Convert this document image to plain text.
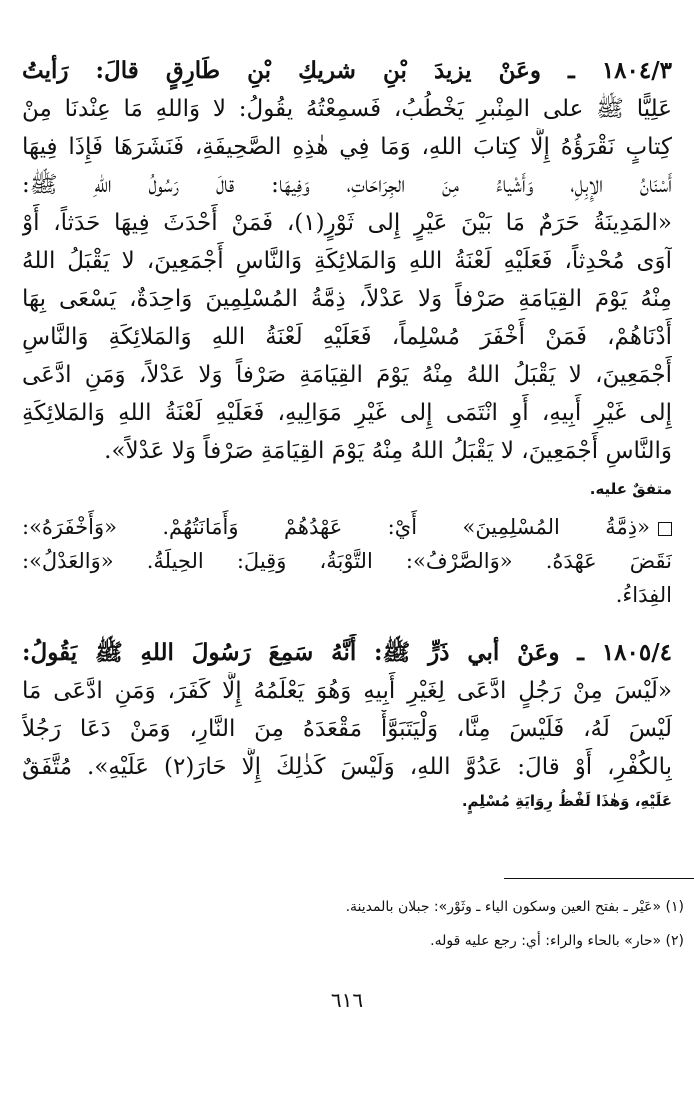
١٨٠٤/٣ ـ وعَنْ يزيدَ بْنِ شريكِ بْنِ طَارِقٍ قالَ: رَأيتُ
عَلِيًّا ﷺ على المِنْبرِ يَخْطُبُ، فَسمِعْتُهُ يقُولُ: لا وَاللهِ مَا عِنْدنَا مِنْ
كِتابٍ نَقْرَؤُهُ إِلَّا كِتابَ اللهِ، وَمَا فِي هٰذِهِ الصَّحِيفَةِ، فَنَشَرَهَا فَإِذَا فِيهَا
أَسْنَانُ الإِبِلِ، وَأَشْياءُ مِنَ الجِرَاحَاتِ، وَفِيهَا: قالَ رَسُولُ اللهِ ﷺ:
«المَدِينَةُ حَرَمٌ مَا بَيْنَ عَيْرٍ إِلى ثَوْرٍ(١)، فَمَنْ أَحْدَثَ فِيهَا حَدَثاً، أَوْ
آوَى مُحْدِثاً، فَعَلَيْهِ لَعْنَةُ اللهِ وَالمَلائِكَةِ وَالنَّاسِ أَجْمَعِينَ، لا يَقْبَلُ اللهُ
مِنْهُ يَوْمَ القِيَامَةِ صَرْفاً وَلا عَدْلاً، ذِمَّةُ المُسْلِمِينَ وَاحِدَةٌ، يَسْعَى بِهَا
أَدْنَاهُمْ، فَمَنْ أَخْفَرَ مُسْلِماً، فَعَلَيْهِ لَعْنَةُ اللهِ وَالمَلائِكَةِ وَالنَّاسِ
أَجْمَعِينَ، لا يَقْبَلُ اللهُ مِنْهُ يَوْمَ القِيَامَةِ صَرْفاً وَلا عَدْلاً، وَمَنِ ادَّعَى
إِلى غَيْرِ أَبِيهِ، أَوِ انْتَمَى إِلى غَيْرِ مَوَالِيهِ، فَعَلَيْهِ لَعْنَةُ اللهِ وَالمَلائِكَةِ
وَالنَّاسِ أَجْمَعِينَ، لا يَقْبَلُ اللهُ مِنْهُ يَوْمَ القِيَامَةِ صَرْفاً وَلا عَدْلاً».
متفقٌ عليه.
«ذِمَّةُ المُسْلِمِينَ» أَيْ: عَهْدُهُمْ وَأَمَانَتُهُمْ. «وَأَخْفَرَهُ»:
نَقَضَ عَهْدَهُ. «وَالصَّرْفُ»: التَّوْبَةُ، وَقِيلَ: الحِيلَةُ. «وَالعَدْلُ»:
الفِدَاءُ.
١٨٠٥/٤ ـ وعَنْ أبي ذَرٍّ ﷺ: أَنَّهُ سَمِعَ رَسُولَ اللهِ ﷺ يَقُولُ:
«لَيْسَ مِنْ رَجُلٍ ادَّعَى لِغَيْرِ أَبِيهِ وَهُوَ يَعْلَمُهُ إِلَّا كَفَرَ، وَمَنِ ادَّعَى مَا
لَيْسَ لَهُ، فَلَيْسَ مِنَّا، وَلْيَتَبَوَّأْ مَقْعَدَهُ مِنَ النَّارِ، وَمَنْ دَعَا رَجُلاً
بِالكُفْرِ، أَوْ قالَ: عَدُوَّ اللهِ، وَلَيْسَ كَذٰلِكَ إِلَّا حَارَ(٢) عَلَيْهِ». مُتَّفَقٌ
عَلَيْهِ، وَهٰذَا لَفْظُ رِوَايَةِ مُسْلِمٍ.
(١) «عَيْر ـ بفتح العين وسكون الياء ـ وثَوْر»: جبلان بالمدينة.
(٢) «حار» بالحاء والراء: أي: رجع عليه قوله.
٦١٦
